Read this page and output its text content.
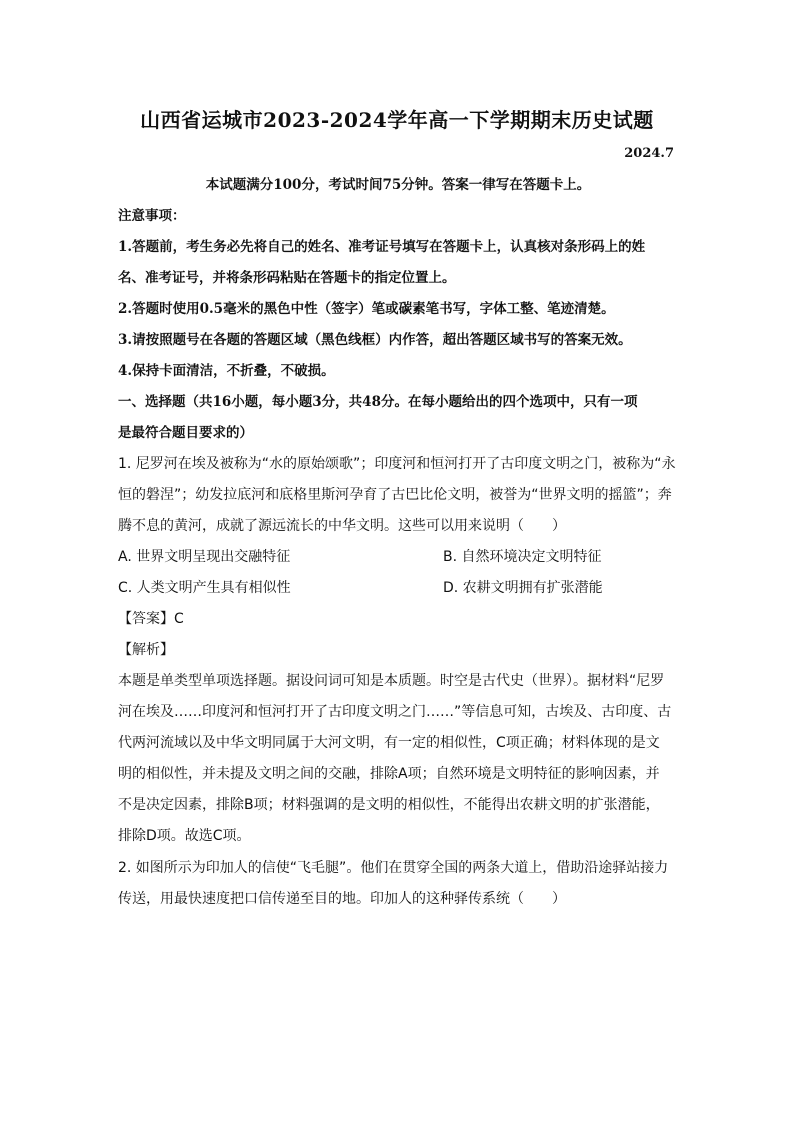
山西省运城市2023-2024学年高一下学期期末历史试题
2024.7
本试题满分100分，考试时间75分钟。答案一律写在答题卡上。
注意事项：
1.答题前，考生务必先将自己的姓名、准考证号填写在答题卡上，认真核对条形码上的姓
名、准考证号，并将条形码粘贴在答题卡的指定位置上。
2.答题时使用0.5毫米的黑色中性（签字）笔或碳素笔书写，字体工整、笔迹清楚。
3.请按照题号在各题的答题区域（黑色线框）内作答，超出答题区域书写的答案无效。
4.保持卡面清洁，不折叠，不破损。
一、选择题（共16小题，每小题3分，共48分。在每小题给出的四个选项中，只有一项
是最符合题目要求的）
1. 尼罗河在埃及被称为“水的原始颂歌”；印度河和恒河打开了古印度文明之门，被称为“永
恒的磐涅”；幼发拉底河和底格里斯河孕育了古巴比伦文明，被誉为“世界文明的摇篮”；奔
腾不息的黄河，成就了源远流长的中华文明。这些可以用来说明（　　）
A. 世界文明呈现出交融特征	B. 自然环境决定文明特征
C. 人类文明产生具有相似性	D. 农耕文明拥有扩张潜能
【答案】C
【解析】
本题是单类型单项选择题。据设问词可知是本质题。时空是古代史（世界）。据材料“尼罗
河在埃及……印度河和恒河打开了古印度文明之门……”等信息可知，古埃及、古印度、古
代两河流域以及中华文明同属于大河文明，有一定的相似性，C项正确；材料体现的是文
明的相似性，并未提及文明之间的交融，排除A项；自然环境是文明特征的影响因素，并
不是决定因素，排除B项；材料强调的是文明的相似性，不能得出农耕文明的扩张潜能，
排除D项。故选C项。
2. 如图所示为印加人的信使“飞毛腿”。他们在贯穿全国的两条大道上，借助沿途驿站接力
传送，用最快速度把口信传递至目的地。印加人的这种驿传系统（　　）
